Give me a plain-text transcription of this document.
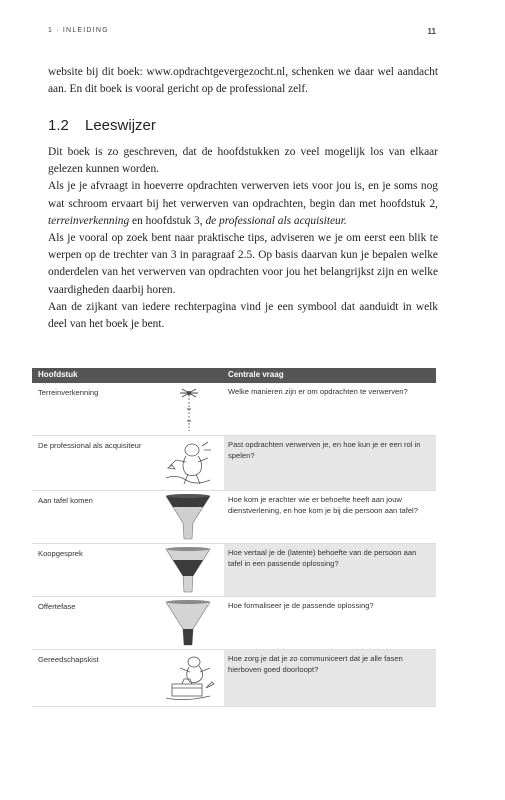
1 · INLEIDING	11

website bij dit boek: www.opdrachtgevergezocht.nl, schenken we daar wel aandacht aan. En dit boek is vooral gericht op de professional zelf.

1.2 Leeswijzer

Dit boek is zo geschreven, dat de hoofdstukken zo veel mogelijk los van elkaar gelezen kunnen worden.

Als je je afvraagt in hoeverre opdrachten verwerven iets voor jou is, en je soms nog wat schroom ervaart bij het verwerven van opdrachten, begin dan met hoofdstuk 2, terreinverkenning en hoofdstuk 3, de professional als acquisiteur.

Als je vooral op zoek bent naar praktische tips, adviseren we je om eerst een blik te werpen op de trechter van 3 in paragraaf 2.5. Op basis daarvan kun je bepalen welke onderdelen van het verwerven van opdrachten voor jou het belangrijkst zijn en welke vaardigheden daarbij horen.

Aan de zijkant van iedere rechterpagina vind je een symbool dat aanduidt in welk deel van het boek je bent.

Hoofdstuk	Centrale vraag
Terreinverkenning	Welke manieren zijn er om opdrachten te verwerven?
De professional als acquisiteur	Past opdrachten verwerven je, en hoe kun je er een rol in spelen?
Aan tafel komen	Hoe kom je erachter wie er behoefte heeft aan jouw dienstverlening, en hoe kom je bij die persoon aan tafel?
Koopgesprek	Hoe vertaal je de (latente) behoefte van de persoon aan tafel in een passende oplossing?
Offertefase	Hoe formaliseer je de passende oplossing?
Gereedschapskist	Hoe zorg je dat je zo communiceert dat je alle fasen hierboven goed doorloopt?
